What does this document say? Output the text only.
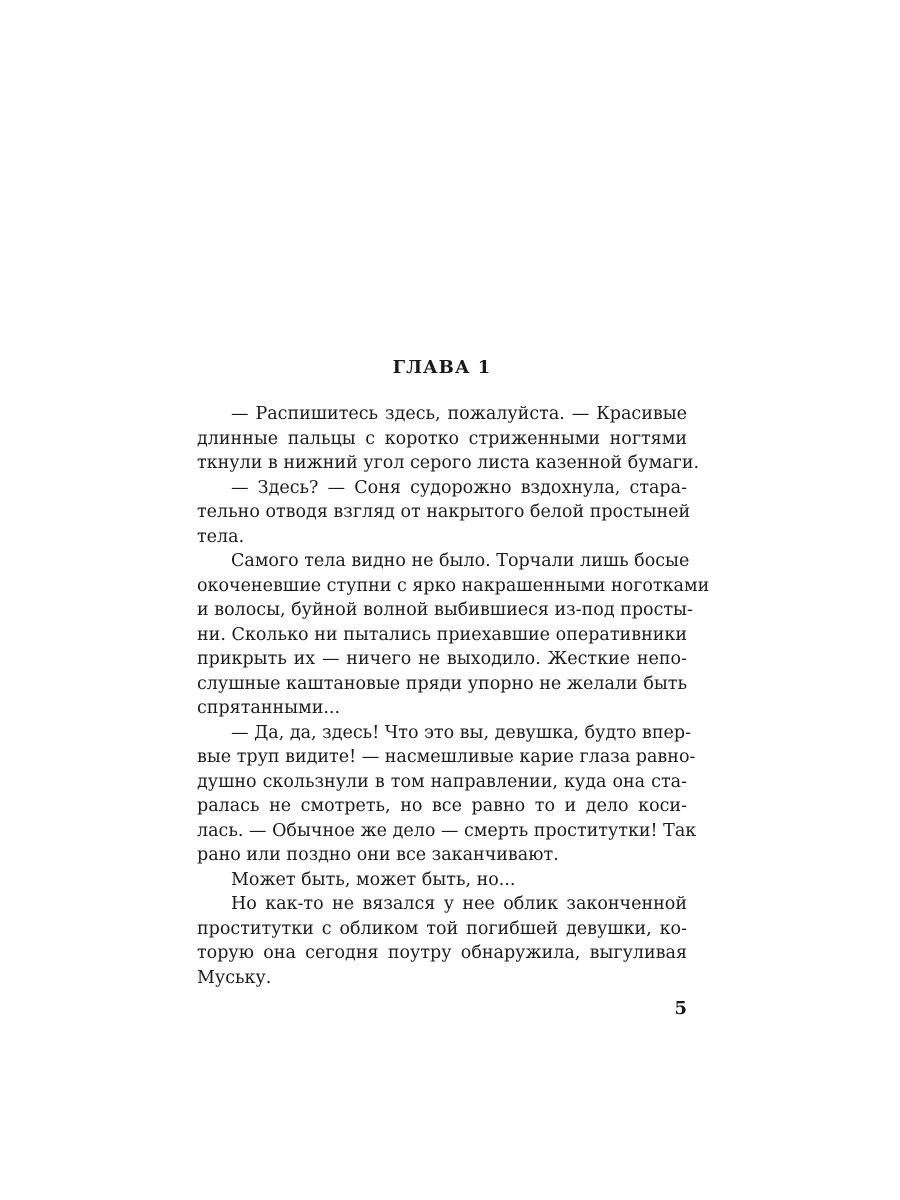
ГЛАВА 1
— Распишитесь здесь, пожалуйста. — Красивые
длинные пальцы с коротко стриженными ногтями
ткнули в нижний угол серого листа казенной бумаги.
— Здесь? — Соня судорожно вздохнула, стара-
тельно отводя взгляд от накрытого белой простыней
тела.
Самого тела видно не было. Торчали лишь босые
окоченевшие ступни с ярко накрашенными ноготками
и волосы, буйной волной выбившиеся из-под просты-
ни. Сколько ни пытались приехавшие оперативники
прикрыть их — ничего не выходило. Жесткие непо-
слушные каштановые пряди упорно не желали быть
спрятанными...
— Да, да, здесь! Что это вы, девушка, будто впер-
вые труп видите! — насмешливые карие глаза равно-
душно скользнули в том направлении, куда она ста-
ралась не смотреть, но все равно то и дело коси-
лась. — Обычное же дело — смерть проститутки! Так
рано или поздно они все заканчивают.
Может быть, может быть, но...
Но как-то не вязался у нее облик законченной
проститутки с обликом той погибшей девушки, ко-
торую она сегодня поутру обнаружила, выгуливая
Муську.
5
